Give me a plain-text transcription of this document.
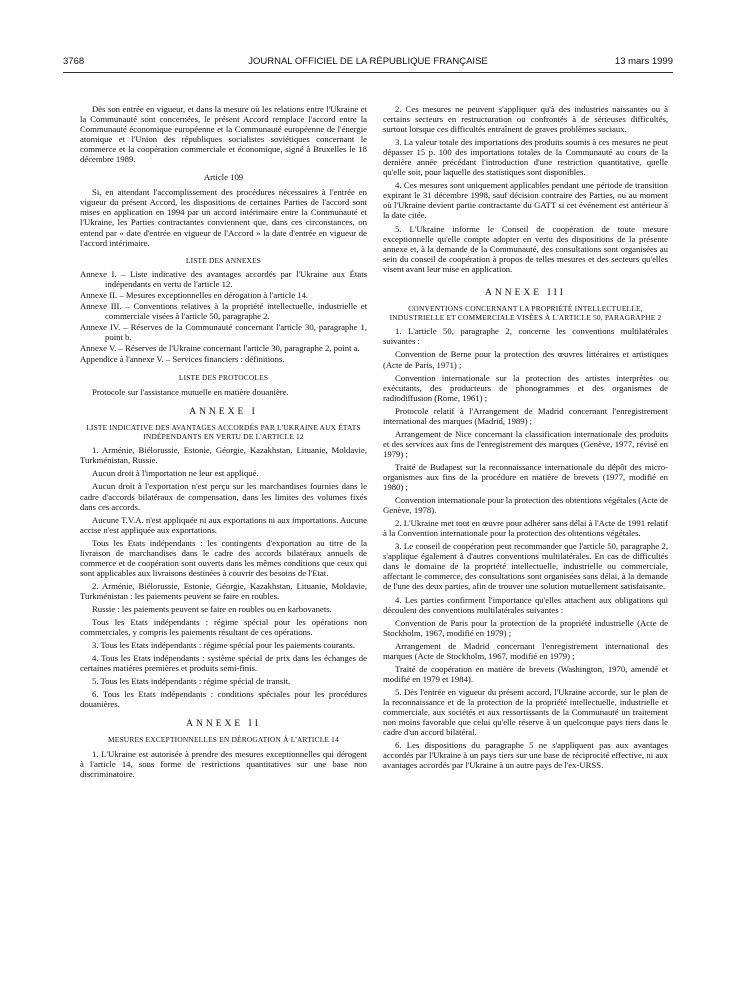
3768	JOURNAL OFFICIEL DE LA RÉPUBLIQUE FRANÇAISE	13 mars 1999

Dès son entrée en vigueur, et dans la mesure où les relations entre l'Ukraine et la Communauté sont concernées, le présent Accord remplace l'accord entre la Communauté économique européenne et la Communauté européenne de l'énergie atomique et l'Union des républiques socialistes soviétiques concernant le commerce et la coopération commerciale et économique, signé à Bruxelles le 18 décembre 1989.

Article 109

Si, en attendant l'accomplissement des procédures nécessaires à l'entrée en vigueur du présent Accord, les dispositions de certaines Parties de l'accord sont mises en application en 1994 par un accord intérimaire entre la Communauté et l'Ukraine, les Parties contractantes conviennent que, dans ces circonstances, on entend par « date d'entrée en vigueur de l'Accord » la date d'entrée en vigueur de l'accord intérimaire.

LISTE DES ANNEXES
Annexe I. – Liste indicative des avantages accordés par l'Ukraine aux États indépendants en vertu de l'article 12.
Annexe II. – Mesures exceptionnelles en dérogation à l'article 14.
Annexe III. – Conventions relatives à la propriété intellectuelle, industrielle et commerciale visées à l'article 50, paragraphe 2.
Annexe IV. – Réserves de la Communauté concernant l'article 30, paragraphe 1, point b.
Annexe V. – Réserves de l'Ukraine concernant l'article 30, paragraphe 2, point a.
Appendice à l'annexe V. – Services financiers : définitions.
LISTE DES PROTOCOLES

Protocole sur l'assistance mutuelle en matière douanière.

ANNEXE I
LISTE INDICATIVE DES AVANTAGES ACCORDÉS PAR L'UKRAINE AUX ÉTATS INDÉPENDANTS EN VERTU DE L'ARTICLE 12

1. Arménie, Biélorussie, Estonie, Géorgie, Kazakhstan, Lituanie, Moldavie, Turkménistan, Russie.

Aucun droit à l'importation ne leur est appliqué.

Aucun droit à l'exportation n'est perçu sur les marchandises fournies dans le cadre d'accords bilatéraux de compensation, dans les limites des volumes fixés dans ces accords.

Aucune T.V.A. n'est appliquée ni aux exportations ni aux importations. Aucune accise n'est appliquée aux exportations.

Tous les Etats indépendants : les contingents d'exportation au titre de la livraison de marchandises dans le cadre des accords bilatéraux annuels de commerce et de coopération sont ouverts dans les mêmes conditions que ceux qui sont applicables aux livraisons destinées à couvrir des besoins de l'Etat.

2. Arménie, Biélorussie, Estonie, Géorgie, Kazakhstan, Lituanie, Moldavie, Turkménistan : les paiements peuvent se faire en roubles.

Russie : les paiements peuvent se faire en roubles ou en karbovanets.

Tous les Etats indépendants : régime spécial pour les opérations non commerciales, y compris les paiements résultant de ces opérations.

3. Tous les Etats indépendants : régime spécial pour les paiements courants.

4. Tous les Etats indépendants : système spécial de prix dans les échanges de certaines matières premières et produits semi-finis.

5. Tous les Etats indépendants : régime spécial de transit.

6. Tous les Etats indépendants : conditions spéciales pour les procédures douanières.

ANNEXE II
MESURES EXCEPTIONNELLES EN DÉROGATION À L'ARTICLE 14

1. L'Ukraine est autorisée à prendre des mesures exceptionnelles qui dérogent à l'article 14, sous forme de restrictions quantitatives sur une base non discriminatoire.

2. Ces mesures ne peuvent s'appliquer qu'à des industries naissantes ou à certains secteurs en restructuration ou confrontés à de sérieuses difficultés, surtout lorsque ces difficultés entraînent de graves problèmes sociaux.

3. La valeur totale des importations des produits soumis à ces mesures ne peut dépasser 15 p. 100 des importations totales de la Communauté au cours de la dernière année précédant l'introduction d'une restriction quantitative, quelle qu'elle soit, pour laquelle des statistiques sont disponibles.

4. Ces mesures sont uniquement applicables pendant une période de transition expirant le 31 décembre 1998, sauf décision contraire des Parties, ou au moment où l'Ukraine devient partie contractante du GATT si cet événement est antérieur à la date citée.

5. L'Ukraine informe le Conseil de coopération de toute mesure exceptionnelle qu'elle compte adopter en vertu des dispositions de la présente annexe et, à la demande de la Communauté, des consultations sont organisées au sein du conseil de coopération à propos de telles mesures et des secteurs qu'elles visent avant leur mise en application.

ANNEXE III
CONVENTIONS CONCERNANT LA PROPRIÉTÉ INTELLECTUELLE, INDUSTRIELLE ET COMMERCIALE VISÉES À L'ARTICLE 50, PARAGRAPHE 2

1. L'article 50, paragraphe 2, concerne les conventions multilatérales suivantes :

Convention de Berne pour la protection des œuvres littéraires et artistiques (Acte de Paris, 1971) ;

Convention internationale sur la protection des artistes interprètes ou exécutants, des producteurs de phonogrammes et des organismes de radiodiffusion (Rome, 1961) ;

Protocole relatif à l'Arrangement de Madrid concernant l'enregistrement international des marques (Madrid, 1989) ;

Arrangement de Nice concernant la classification internationale des produits et des services aux fins de l'enregistrement des marques (Genève, 1977, révisé en 1979) ;

Traité de Budapest sur la reconnaissance internationale du dépôt des micro-organismes aux fins de la procédure en matière de brevets (1977, modifié en 1980) ;

Convention internationale pour la protection des obtentions végétales (Acte de Genève, 1978).

2. L'Ukraine met tout en œuvre pour adhérer sans délai à l'Acte de 1991 relatif à la Convention internationale pour la protection des obtentions végétales.

3. Le conseil de coopération peut recommander que l'article 50, paragraphe 2, s'applique également à d'autres conventions multilatérales. En cas de difficultés dans le domaine de la propriété intellectuelle, industrielle ou commerciale, affectant le commerce, des consultations sont organisées sans délai, à la demande de l'une des deux parties, afin de trouver une solution mutuellement satisfaisante.

4. Les parties confirment l'importance qu'elles attachent aux obligations qui découlent des conventions multilatérales suivantes :

Convention de Paris pour la protection de la propriété industrielle (Acte de Stockholm, 1967, modifié en 1979) ;

Arrangement de Madrid concernant l'enregistrement international des marques (Acte de Stockholm, 1967, modifié en 1979) ;

Traité de coopération en matière de brevets (Washington, 1970, amendé et modifié en 1979 et 1984).

5. Dès l'entrée en vigueur du présent accord, l'Ukraine accorde, sur le plan de la reconnaissance et de la protection de la propriété intellectuelle, industrielle et commerciale, aux sociétés et aux ressortissants de la Communauté un traitement non moins favorable que celui qu'elle réserve à un quelconque pays tiers dans le cadre d'un accord bilatéral.

6. Les dispositions du paragraphe 5 ne s'appliquent pas aux avantages accordés par l'Ukraine à un pays tiers sur une base de réciprocité effective, ni aux avantages accordés par l'Ukraine à un autre pays de l'ex-URSS.
